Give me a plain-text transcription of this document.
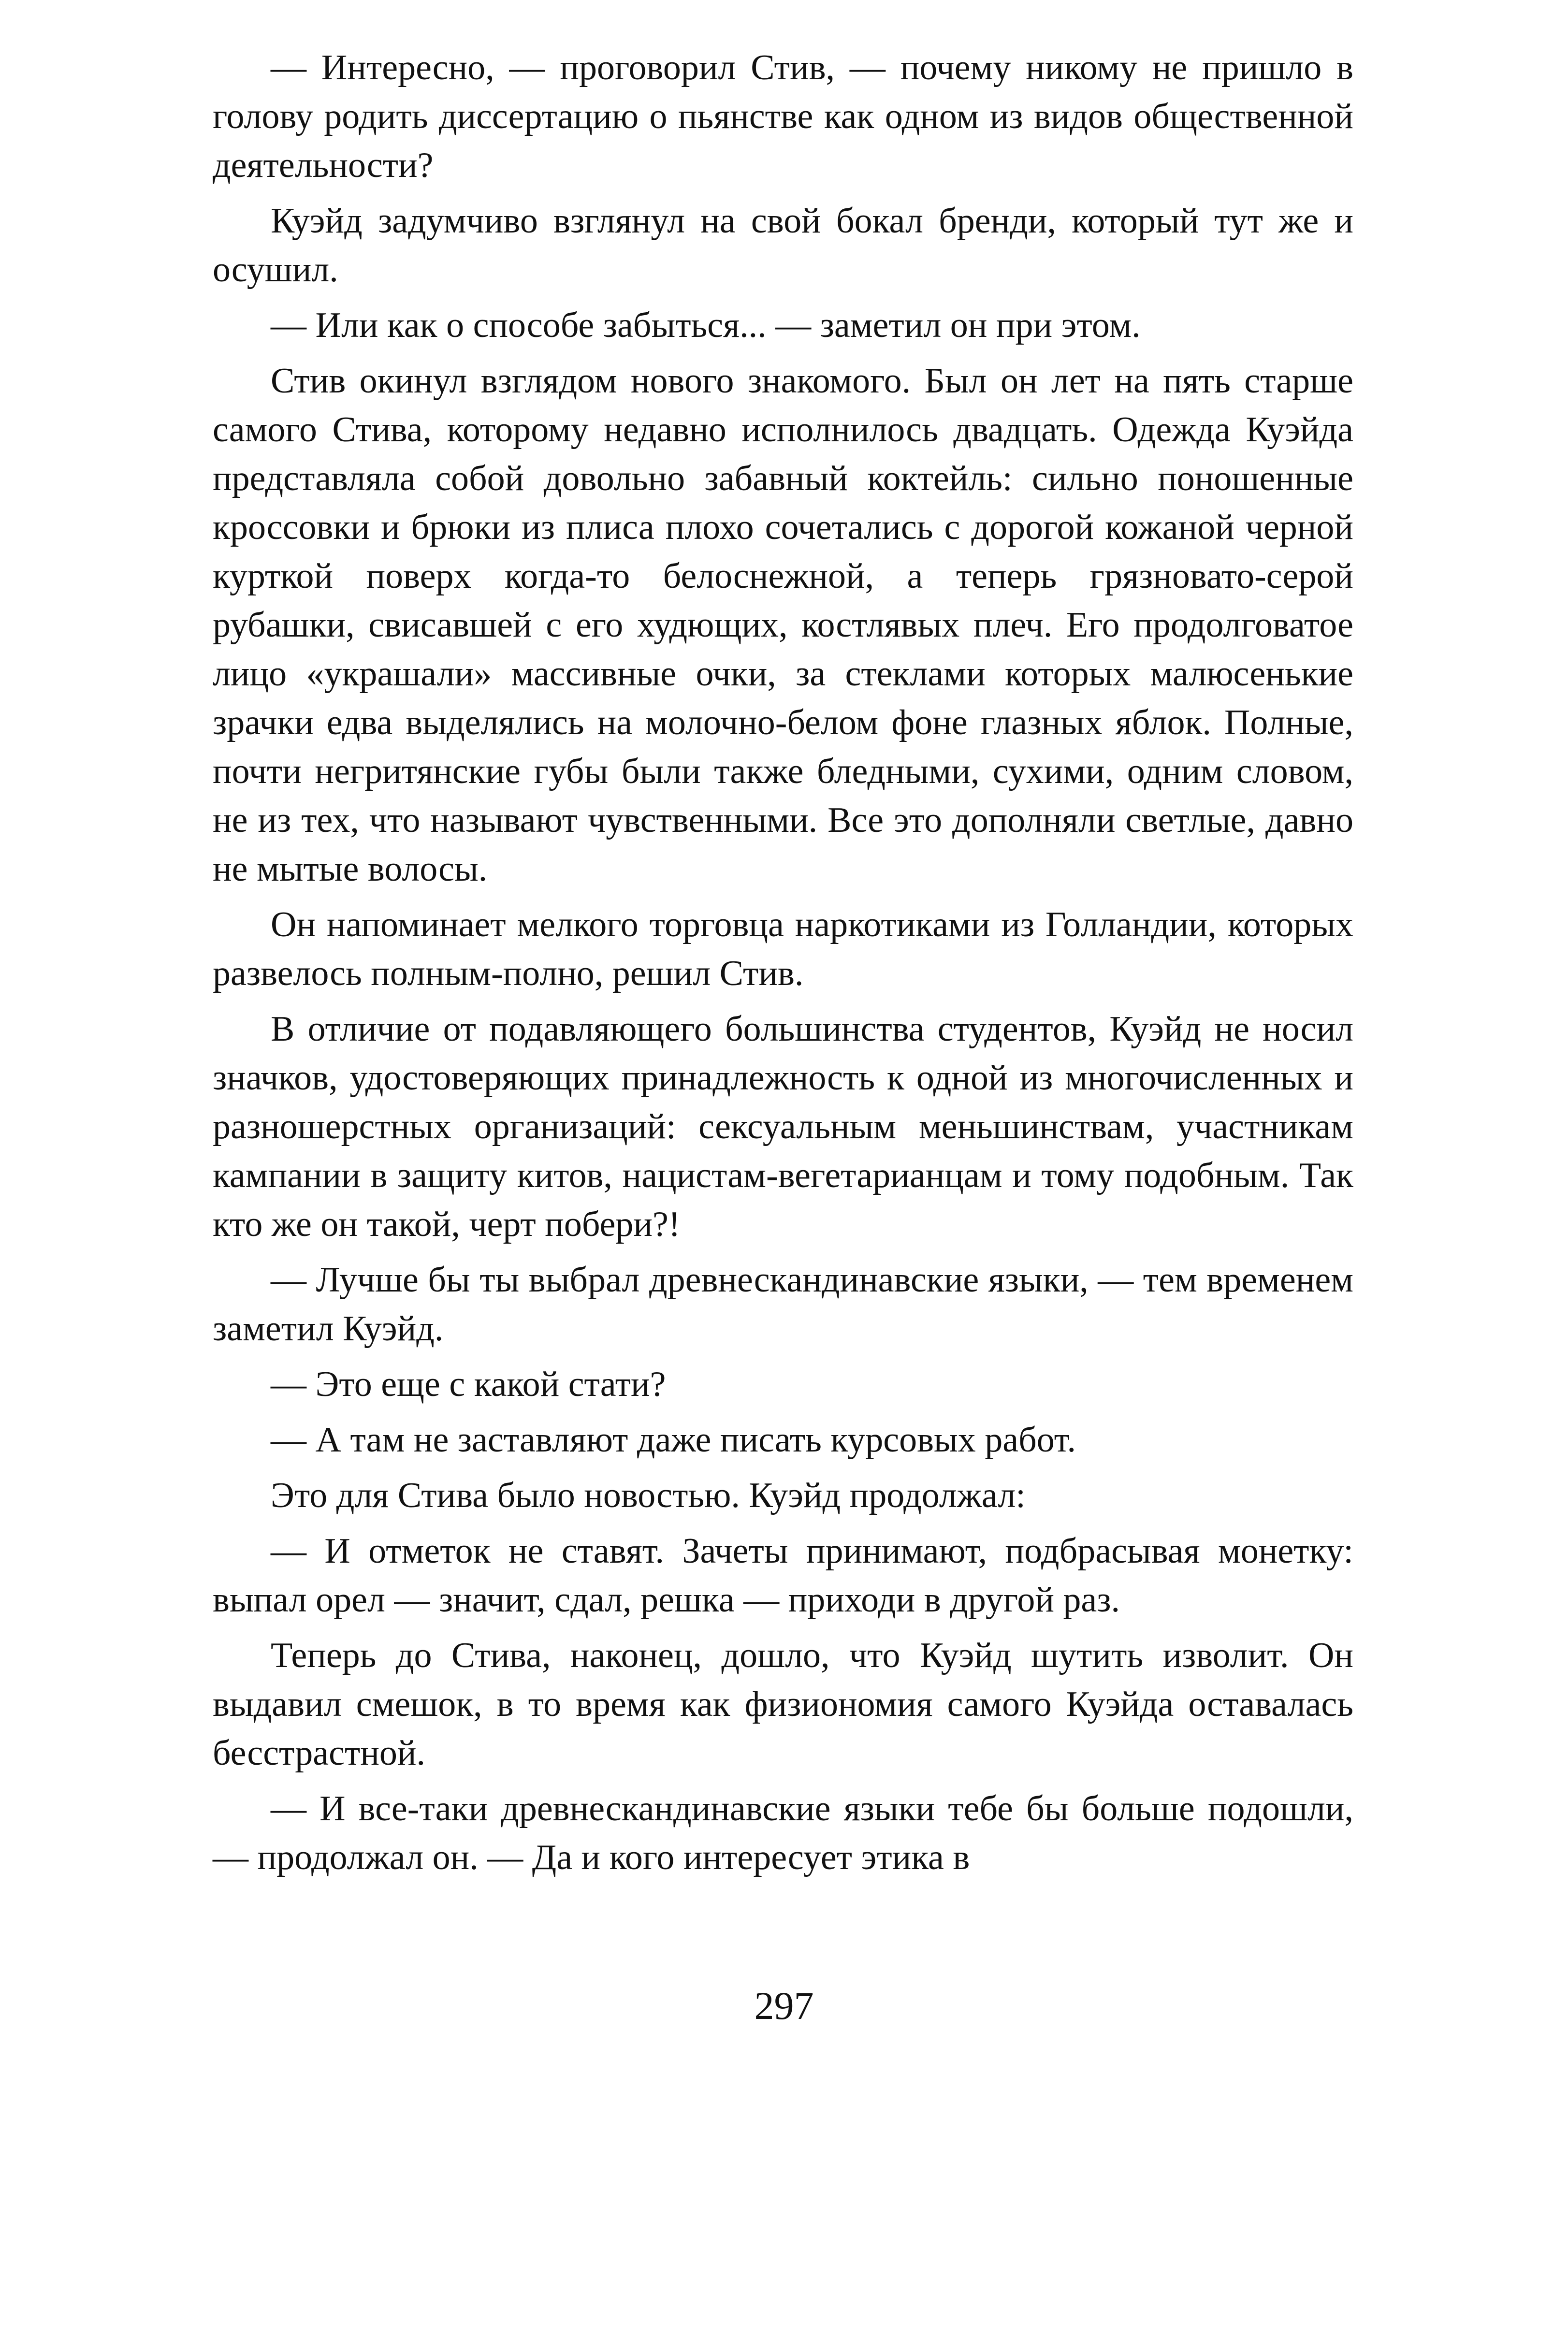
— Интересно, — проговорил Стив, — почему никому не пришло в голову родить диссертацию о пьянстве как одном из видов общественной деятельности?

Куэйд задумчиво взглянул на свой бокал бренди, который тут же и осушил.

— Или как о способе забыться... — заметил он при этом.

Стив окинул взглядом нового знакомого. Был он лет на пять старше самого Стива, которому недавно исполнилось двадцать. Одежда Куэйда представляла собой довольно забавный коктейль: сильно поношенные кроссовки и брюки из плиса плохо сочетались с дорогой кожаной черной курткой поверх когда-то белоснежной, а теперь грязновато-серой рубашки, свисавшей с его худющих, костлявых плеч. Его продолговатое лицо «украшали» массивные очки, за стеклами которых малюсенькие зрачки едва выделялись на молочно-белом фоне глазных яблок. Полные, почти негритянские губы были также бледными, сухими, одним словом, не из тех, что называют чувственными. Все это дополняли светлые, давно не мытые волосы.

Он напоминает мелкого торговца наркотиками из Голландии, которых развелось полным-полно, решил Стив.

В отличие от подавляющего большинства студентов, Куэйд не носил значков, удостоверяющих принадлежность к одной из многочисленных и разношерстных организаций: сексуальным меньшинствам, участникам кампании в защиту китов, нацистам-вегетарианцам и тому подобным. Так кто же он такой, черт побери?!

— Лучше бы ты выбрал древнескандинавские языки, — тем временем заметил Куэйд.

— Это еще с какой стати?

— А там не заставляют даже писать курсовых работ.

Это для Стива было новостью. Куэйд продолжал:

— И отметок не ставят. Зачеты принимают, подбрасывая монетку: выпал орел — значит, сдал, решка — приходи в другой раз.

Теперь до Стива, наконец, дошло, что Куэйд шутить изволит. Он выдавил смешок, в то время как физиономия самого Куэйда оставалась бесстрастной.

— И все-таки древнескандинавские языки тебе бы больше подошли, — продолжал он. — Да и кого интересует этика в

297
